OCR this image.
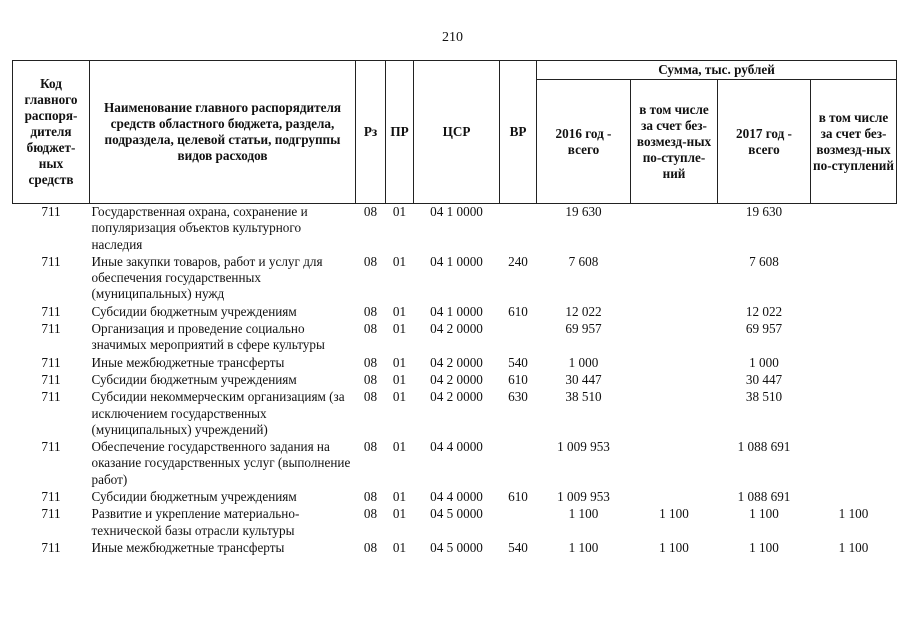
210
Код главного распоря-дителя бюджет-ных средств	Наименование главного распорядителя средств областного бюджета, раздела, подраздела, целевой статьи, подгруппы видов расходов	Рз	ПР	ЦСР	ВР	Сумма, тыс. рублей			
						2016 год - всего	в том числе за счет без-возмезд-ных по-ступле-ний	2017 год - всего	в том числе за счет без-возмезд-ных по-ступлений
711	Государственная охрана, сохранение и популяризация объектов культурного наследия	08	01	04 1 0000		19 630		19 630	
711	Иные закупки товаров, работ и услуг для обеспечения государственных (муниципальных) нужд	08	01	04 1 0000	240	7 608		7 608	
711	Субсидии бюджетным учреждениям	08	01	04 1 0000	610	12 022		12 022	
711	Организация и проведение социально значимых мероприятий в сфере культуры	08	01	04 2 0000		69 957		69 957	
711	Иные межбюджетные трансферты	08	01	04 2 0000	540	1 000		1 000	
711	Субсидии бюджетным учреждениям	08	01	04 2 0000	610	30 447		30 447	
711	Субсидии некоммерческим организациям (за исключением государственных (муниципальных) учреждений)	08	01	04 2 0000	630	38 510		38 510	
711	Обеспечение государственного задания на оказание государственных услуг (выполнение работ)	08	01	04 4 0000		1 009 953		1 088 691	
711	Субсидии бюджетным учреждениям	08	01	04 4 0000	610	1 009 953		1 088 691	
711	Развитие и укрепление материально-технической базы отрасли культуры	08	01	04 5 0000		1 100	1 100	1 100	1 100
711	Иные межбюджетные трансферты	08	01	04 5 0000	540	1 100	1 100	1 100	1 100
